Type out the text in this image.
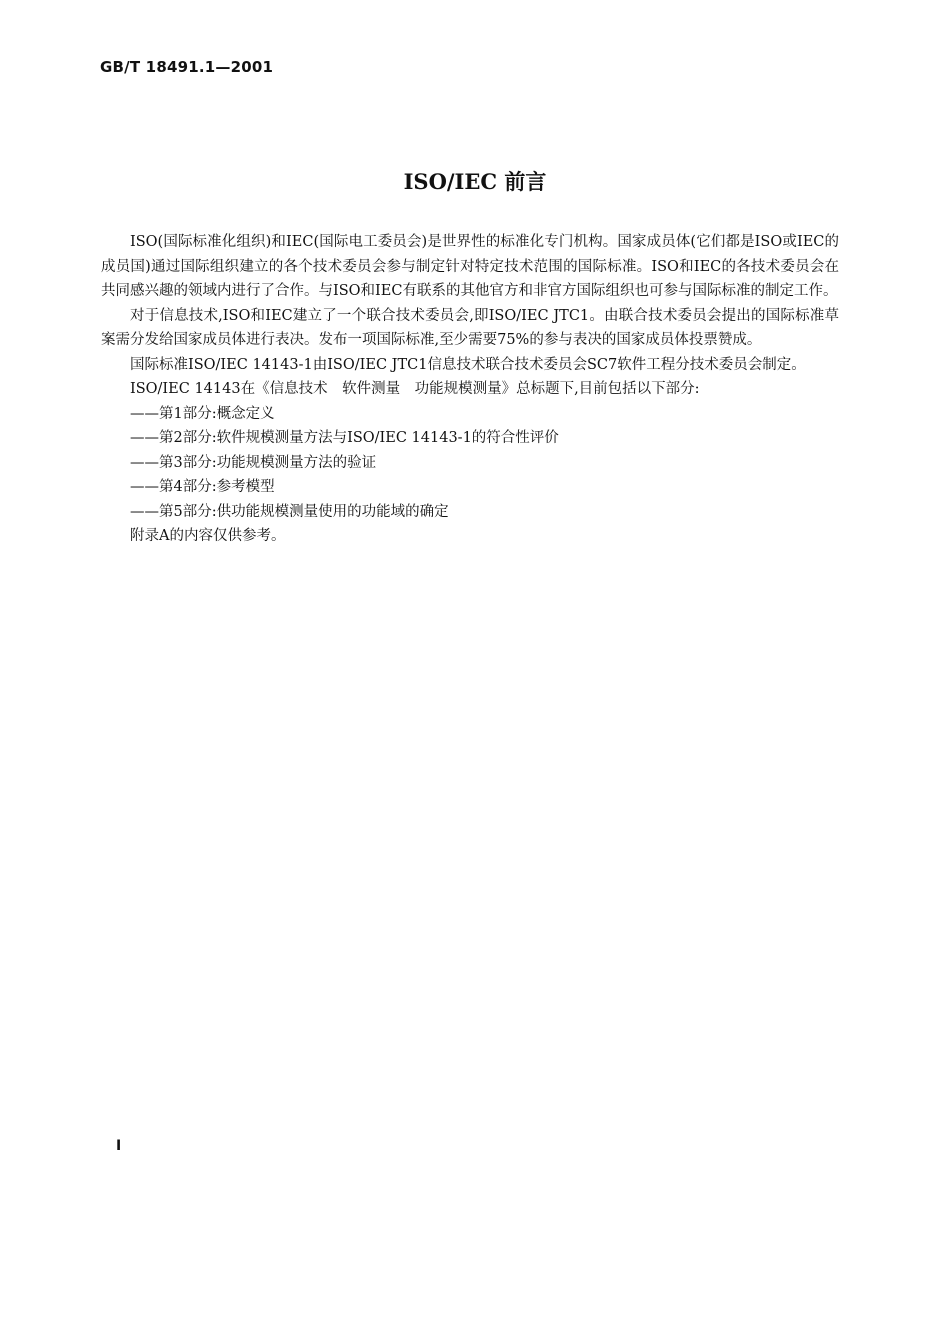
GB/T 18491.1—2001
ISO/IEC 前言

ISO(国际标准化组织)和IEC(国际电工委员会)是世界性的标准化专门机构。国家成员体(它们都是ISO或IEC的成员国)通过国际组织建立的各个技术委员会参与制定针对特定技术范围的国际标准。ISO和IEC的各技术委员会在共同感兴趣的领域内进行了合作。与ISO和IEC有联系的其他官方和非官方国际组织也可参与国际标准的制定工作。

对于信息技术,ISO和IEC建立了一个联合技术委员会,即ISO/IEC JTC1。由联合技术委员会提出的国际标准草案需分发给国家成员体进行表决。发布一项国际标准,至少需要75%的参与表决的国家成员体投票赞成。

国际标准ISO/IEC 14143-1由ISO/IEC JTC1信息技术联合技术委员会SC7软件工程分技术委员会制定。

ISO/IEC 14143在《信息技术　软件测量　功能规模测量》总标题下,目前包括以下部分:

——第1部分:概念定义

——第2部分:软件规模测量方法与ISO/IEC 14143-1的符合性评价

——第3部分:功能规模测量方法的验证

——第4部分:参考模型

——第5部分:供功能规模测量使用的功能域的确定

附录A的内容仅供参考。

I
